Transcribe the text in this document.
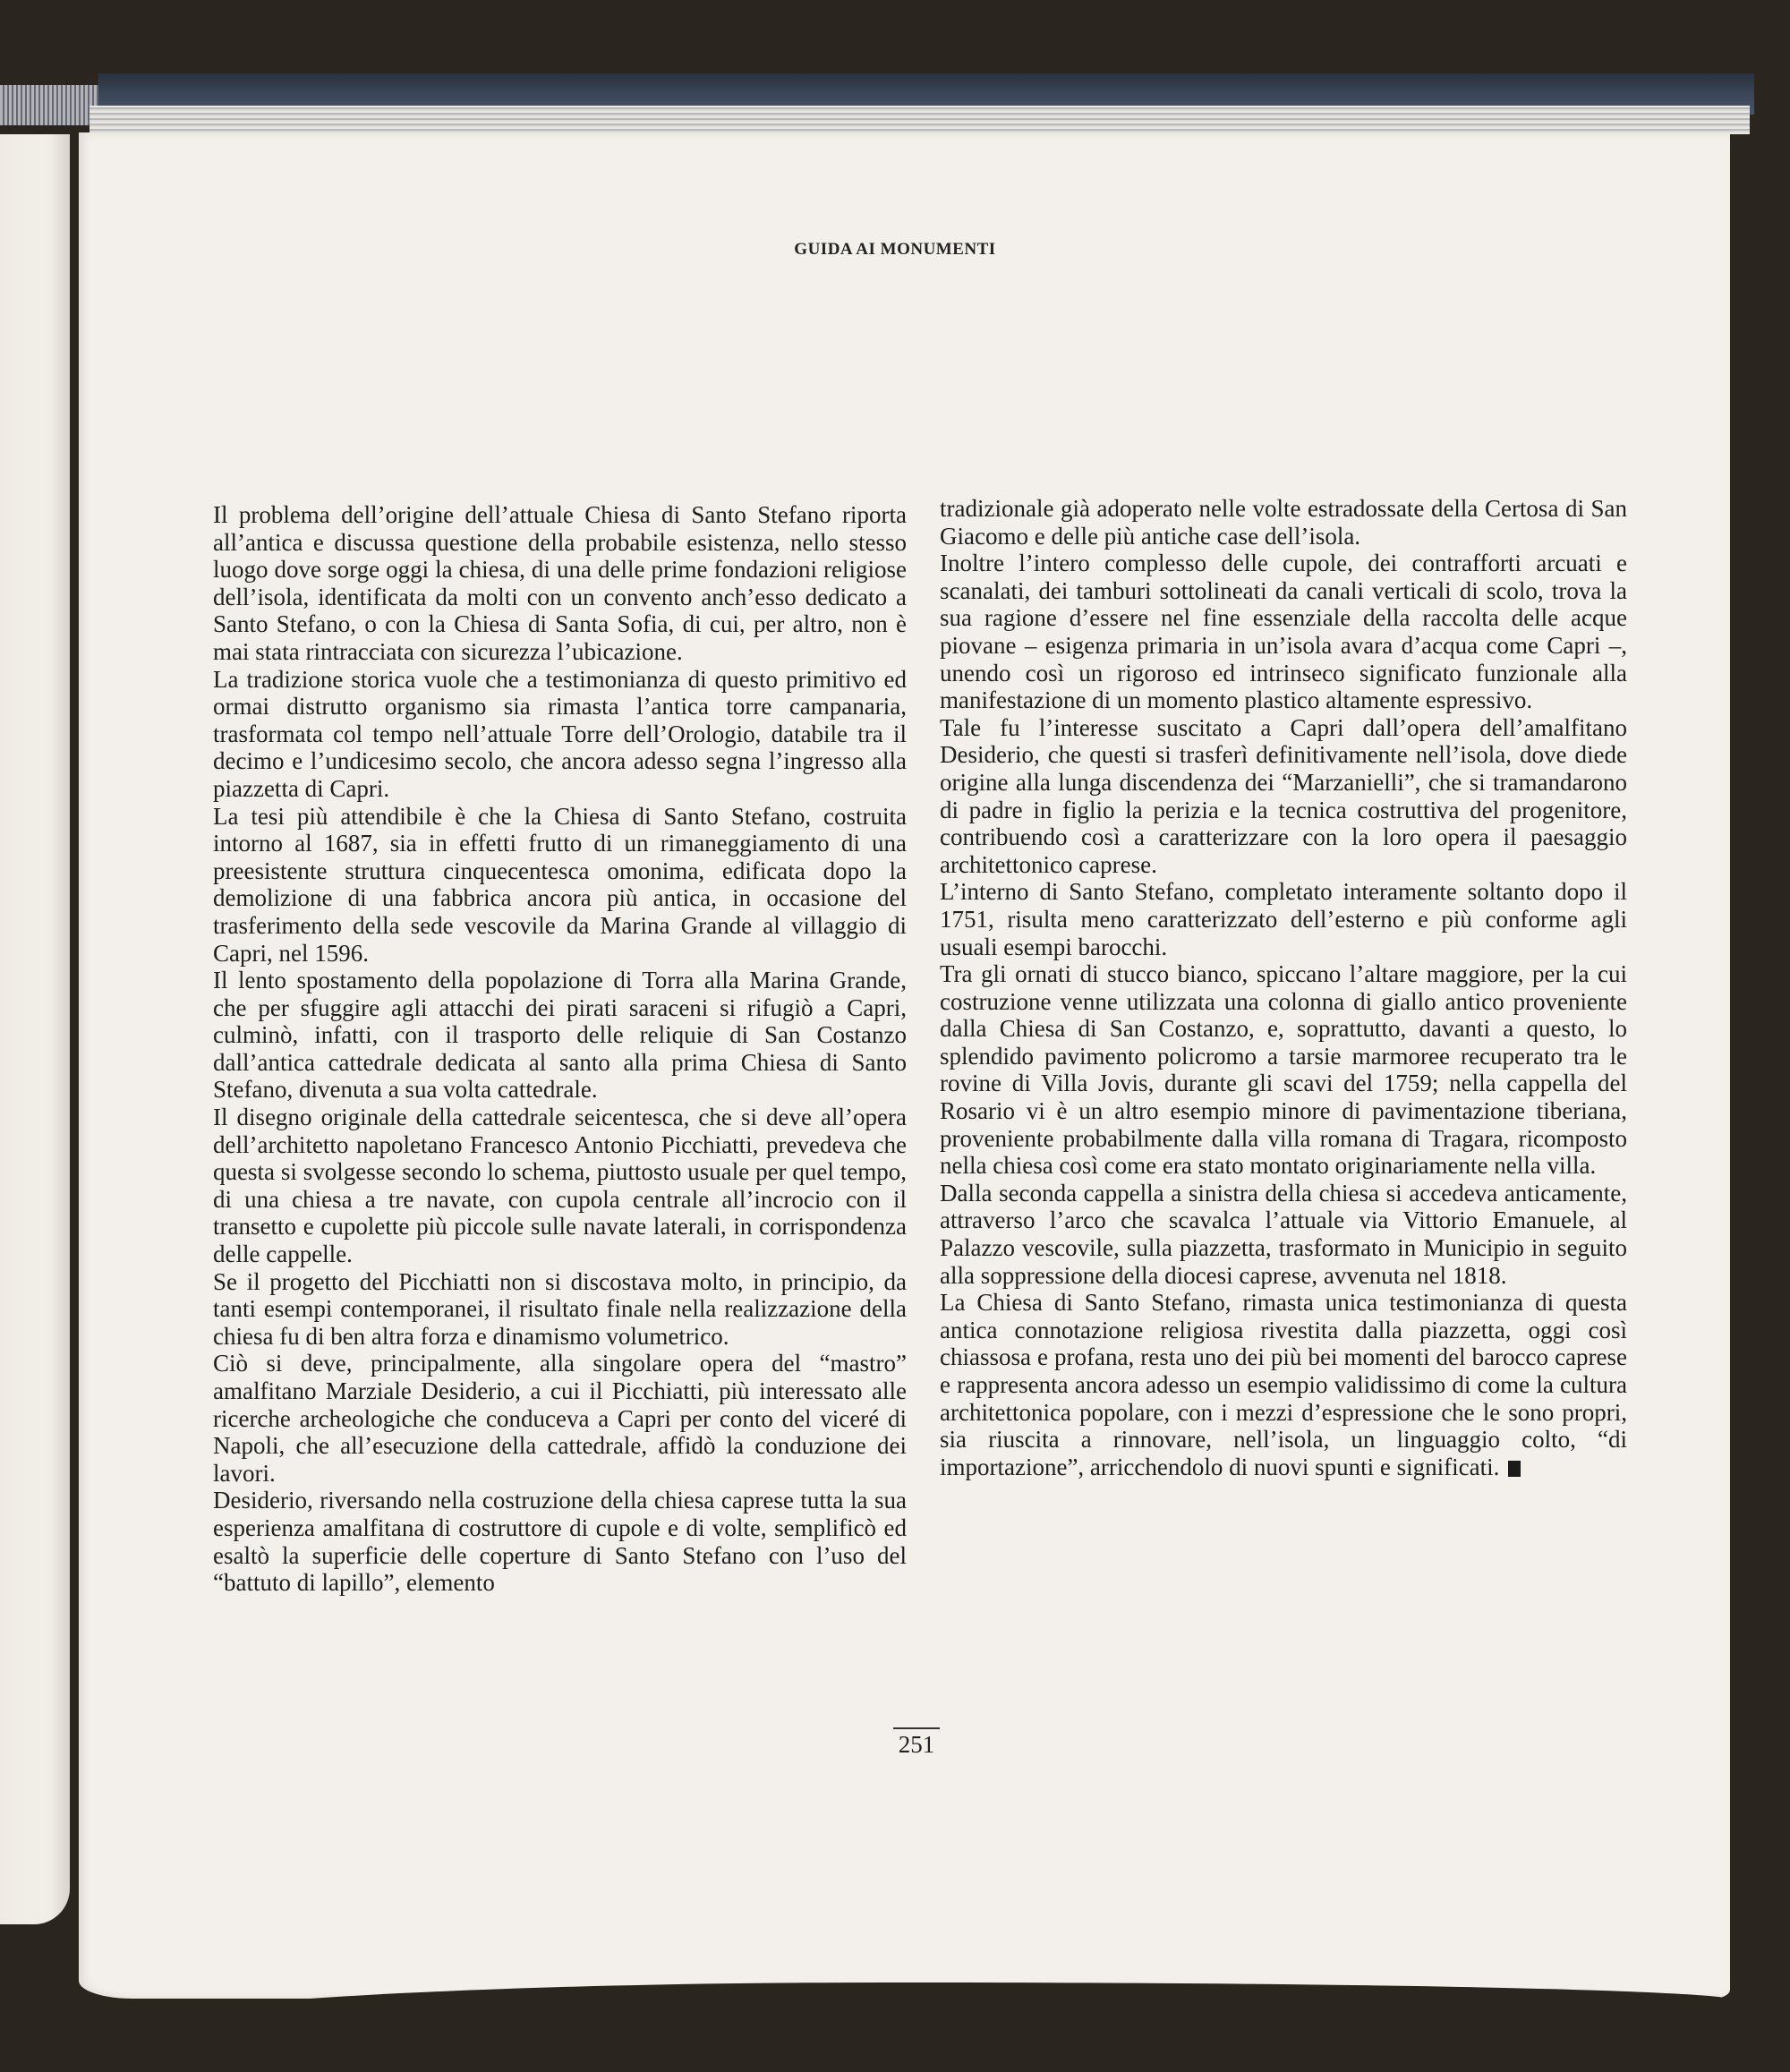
GUIDA AI MONUMENTI

Il problema dell’origine dell’attuale Chiesa di Santo Stefano riporta all’antica e discussa questione della probabile esistenza, nello stesso luogo dove sorge oggi la chiesa, di una delle prime fondazioni religiose dell’isola, identificata da molti con un convento anch’esso dedicato a Santo Stefano, o con la Chiesa di Santa Sofia, di cui, per altro, non è mai stata rintracciata con sicurezza l’ubicazione.

La tradizione storica vuole che a testimonianza di questo primitivo ed ormai distrutto organismo sia rimasta l’antica torre campanaria, trasformata col tempo nell’attuale Torre dell’Orologio, databile tra il decimo e l’undicesimo secolo, che ancora adesso segna l’ingresso alla piazzetta di Capri.

La tesi più attendibile è che la Chiesa di Santo Stefano, costruita intorno al 1687, sia in effetti frutto di un rimaneggiamento di una preesistente struttura cinquecentesca omonima, edificata dopo la demolizione di una fabbrica ancora più antica, in occasione del trasferimento della sede vescovile da Marina Grande al villaggio di Capri, nel 1596.

Il lento spostamento della popolazione di Torra alla Marina Grande, che per sfuggire agli attacchi dei pirati saraceni si rifugiò a Capri, culminò, infatti, con il trasporto delle reliquie di San Costanzo dall’antica cattedrale dedicata al santo alla prima Chiesa di Santo Stefano, divenuta a sua volta cattedrale.

Il disegno originale della cattedrale seicentesca, che si deve all’opera dell’architetto napoletano Francesco Antonio Picchiatti, prevedeva che questa si svolgesse secondo lo schema, piuttosto usuale per quel tempo, di una chiesa a tre navate, con cupola centrale all’incrocio con il transetto e cupolette più piccole sulle navate laterali, in corrispondenza delle cappelle.

Se il progetto del Picchiatti non si discostava molto, in principio, da tanti esempi contemporanei, il risultato finale nella realizzazione della chiesa fu di ben altra forza e dinamismo volumetrico.

Ciò si deve, principalmente, alla singolare opera del “mastro” amalfitano Marziale Desiderio, a cui il Picchiatti, più interessato alle ricerche archeologiche che conduceva a Capri per conto del viceré di Napoli, che all’esecuzione della cattedrale, affidò la conduzione dei lavori.

Desiderio, riversando nella costruzione della chiesa caprese tutta la sua esperienza amalfitana di costruttore di cupole e di volte, semplificò ed esaltò la superficie delle coperture di Santo Stefano con l’uso del “battuto di lapillo”, elemento

tradizionale già adoperato nelle volte estradossate della Certosa di San Giacomo e delle più antiche case dell’isola.

Inoltre l’intero complesso delle cupole, dei contrafforti arcuati e scanalati, dei tamburi sottolineati da canali verticali di scolo, trova la sua ragione d’essere nel fine essenziale della raccolta delle acque piovane – esigenza primaria in un’isola avara d’acqua come Capri –, unendo così un rigoroso ed intrinseco significato funzionale alla manifestazione di un momento plastico altamente espressivo.

Tale fu l’interesse suscitato a Capri dall’opera dell’amalfitano Desiderio, che questi si trasferì definitivamente nell’isola, dove diede origine alla lunga discendenza dei “Marzanielli”, che si tramandarono di padre in figlio la perizia e la tecnica costruttiva del progenitore, contribuendo così a caratterizzare con la loro opera il paesaggio architettonico caprese.

L’interno di Santo Stefano, completato interamente soltanto dopo il 1751, risulta meno caratterizzato dell’esterno e più conforme agli usuali esempi barocchi.

Tra gli ornati di stucco bianco, spiccano l’altare maggiore, per la cui costruzione venne utilizzata una colonna di giallo antico proveniente dalla Chiesa di San Costanzo, e, soprattutto, davanti a questo, lo splendido pavimento policromo a tarsie marmoree recuperato tra le rovine di Villa Jovis, durante gli scavi del 1759; nella cappella del Rosario vi è un altro esempio minore di pavimentazione tiberiana, proveniente probabilmente dalla villa romana di Tragara, ricomposto nella chiesa così come era stato montato originariamente nella villa.

Dalla seconda cappella a sinistra della chiesa si accedeva anticamente, attraverso l’arco che scavalca l’attuale via Vittorio Emanuele, al Palazzo vescovile, sulla piazzetta, trasformato in Municipio in seguito alla soppressione della diocesi caprese, avvenuta nel 1818.

La Chiesa di Santo Stefano, rimasta unica testimonianza di questa antica connotazione religiosa rivestita dalla piazzetta, oggi così chiassosa e profana, resta uno dei più bei momenti del barocco caprese e rappresenta ancora adesso un esempio validissimo di come la cultura architettonica popolare, con i mezzi d’espressione che le sono propri, sia riuscita a rinnovare, nell’isola, un linguaggio colto, “di importazione”, arricchendolo di nuovi spunti e significati.

251
